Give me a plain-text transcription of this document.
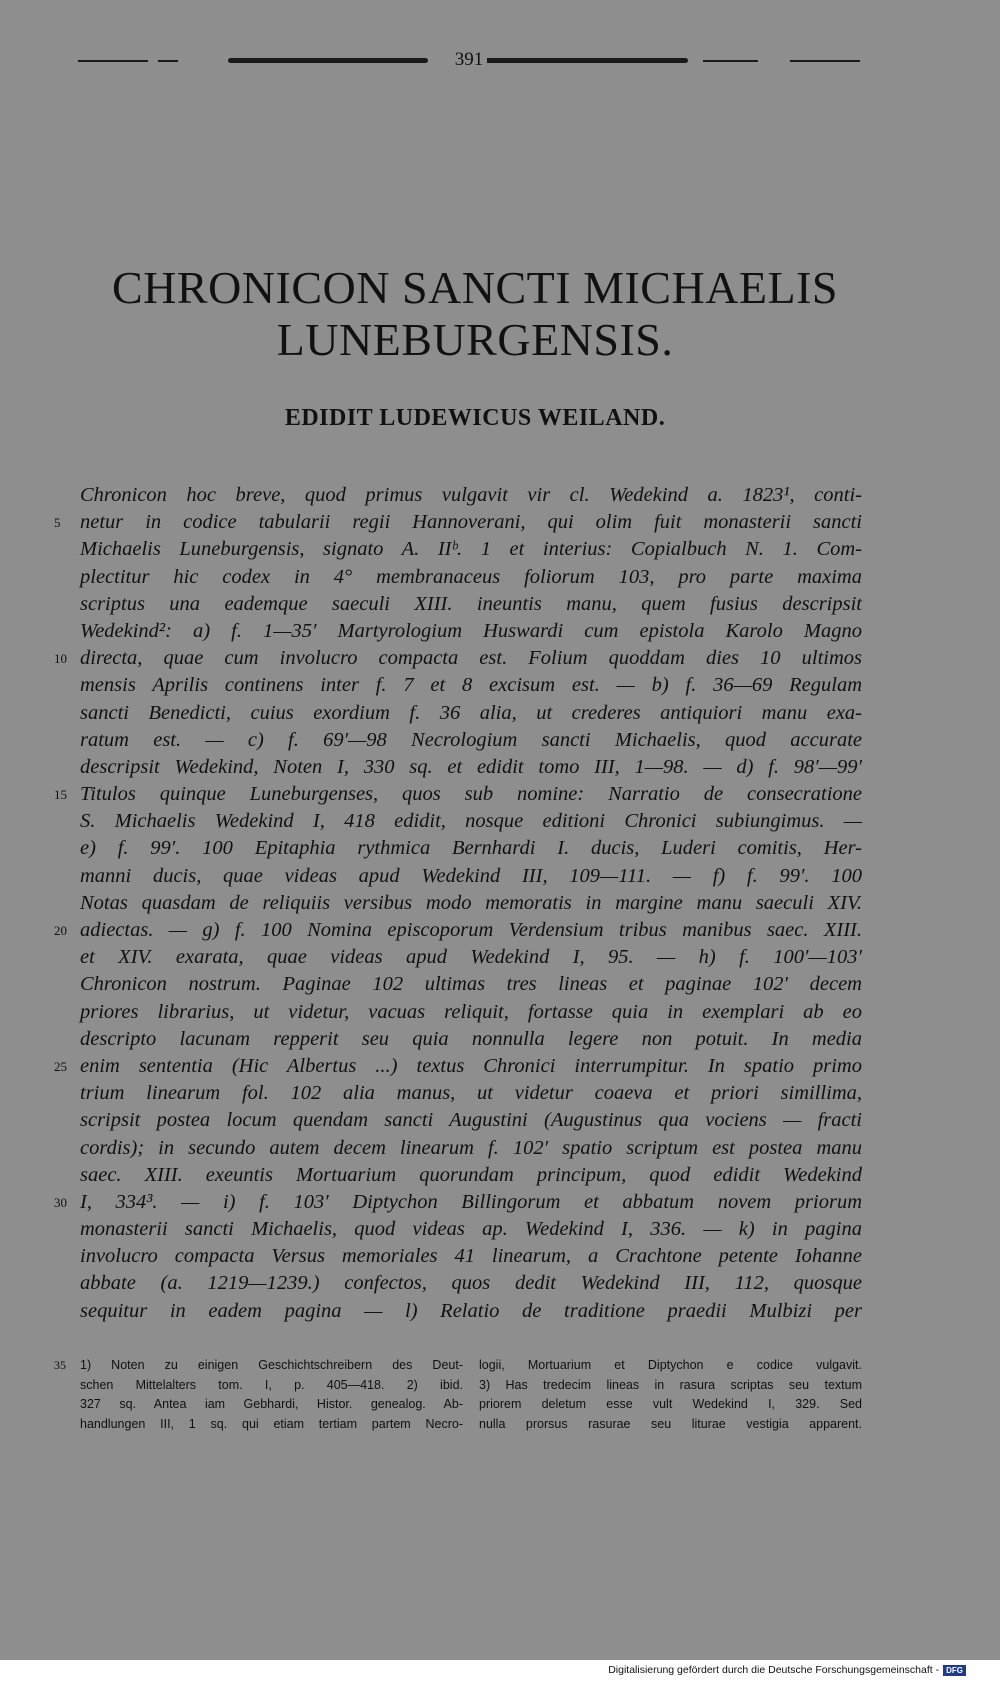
391
CHRONICON SANCTI MICHAELIS
LUNEBURGENSIS.
EDIDIT LUDEWICUS WEILAND.
Chronicon hoc breve, quod primus vulgavit vir cl. Wedekind a. 1823¹, conti-
5 netur in codice tabularii regii Hannoverani, qui olim fuit monasterii sancti
Michaelis Luneburgensis, signato A. IIᵇ. 1 et interius: Copialbuch N. 1. Com-
plectitur hic codex in 4° membranaceus foliorum 103, pro parte maxima
scriptus una eademque saeculi XIII. ineuntis manu, quem fusius descripsit
Wedekind²: a) f. 1—35′ Martyrologium Huswardi cum epistola Karolo Magno
10 directa, quae cum involucro compacta est. Folium quoddam dies 10 ultimos
mensis Aprilis continens inter f. 7 et 8 excisum est. — b) f. 36—69 Regulam
sancti Benedicti, cuius exordium f. 36 alia, ut crederes antiquiori manu exa-
ratum est. — c) f. 69′—98 Necrologium sancti Michaelis, quod accurate
descripsit Wedekind, Noten I, 330 sq. et edidit tomo III, 1—98. — d) f. 98′—99′
15 Titulos quinque Luneburgenses, quos sub nomine: Narratio de consecratione
S. Michaelis Wedekind I, 418 edidit, nosque editioni Chronici subiungimus. —
e) f. 99′. 100 Epitaphia rythmica Bernhardi I. ducis, Luderi comitis, Her-
manni ducis, quae videas apud Wedekind III, 109—111. — f) f. 99′. 100
Notas quasdam de reliquiis versibus modo memoratis in margine manu saeculi XIV.
20 adiectas. — g) f. 100 Nomina episcoporum Verdensium tribus manibus saec. XIII.
et XIV. exarata, quae videas apud Wedekind I, 95. — h) f. 100′—103′
Chronicon nostrum. Paginae 102 ultimas tres lineas et paginae 102′ decem
priores librarius, ut videtur, vacuas reliquit, fortasse quia in exemplari ab eo
descripto lacunam repperit seu quia nonnulla legere non potuit. In media
25 enim sententia (Hic Albertus ...) textus Chronici interrumpitur. In spatio primo
trium linearum fol. 102 alia manus, ut videtur coaeva et priori simillima,
scripsit postea locum quendam sancti Augustini (Augustinus qua vociens — fracti
cordis); in secundo autem decem linearum f. 102′ spatio scriptum est postea manu
saec. XIII. exeuntis Mortuarium quorundam principum, quod edidit Wedekind
30 I, 334³. — i) f. 103′ Diptychon Billingorum et abbatum novem priorum
monasterii sancti Michaelis, quod videas ap. Wedekind I, 336. — k) in pagina
involucro compacta Versus memoriales 41 linearum, a Crachtone petente Iohanne
abbate (a. 1219—1239.) confectos, quos dedit Wedekind III, 112, quosque
sequitur in eadem pagina — l) Relatio de traditione praedii Mulbizi per
35 1) Noten zu einigen Geschichtschreibern des Deut-
schen Mittelalters tom. I, p. 405—418. 2) ibid.
327 sq. Antea iam Gebhardi, Histor. genealog. Ab-
handlungen III, 1 sq. qui etiam tertiam partem Necro-
logii, Mortuarium et Diptychon e codice vulgavit.
3) Has tredecim lineas in rasura scriptas seu textum
priorem deletum esse vult Wedekind I, 329. Sed
nulla prorsus rasurae seu liturae vestigia apparent.
Digitalisierung gefördert durch die Deutsche Forschungsgemeinschaft - DFG
